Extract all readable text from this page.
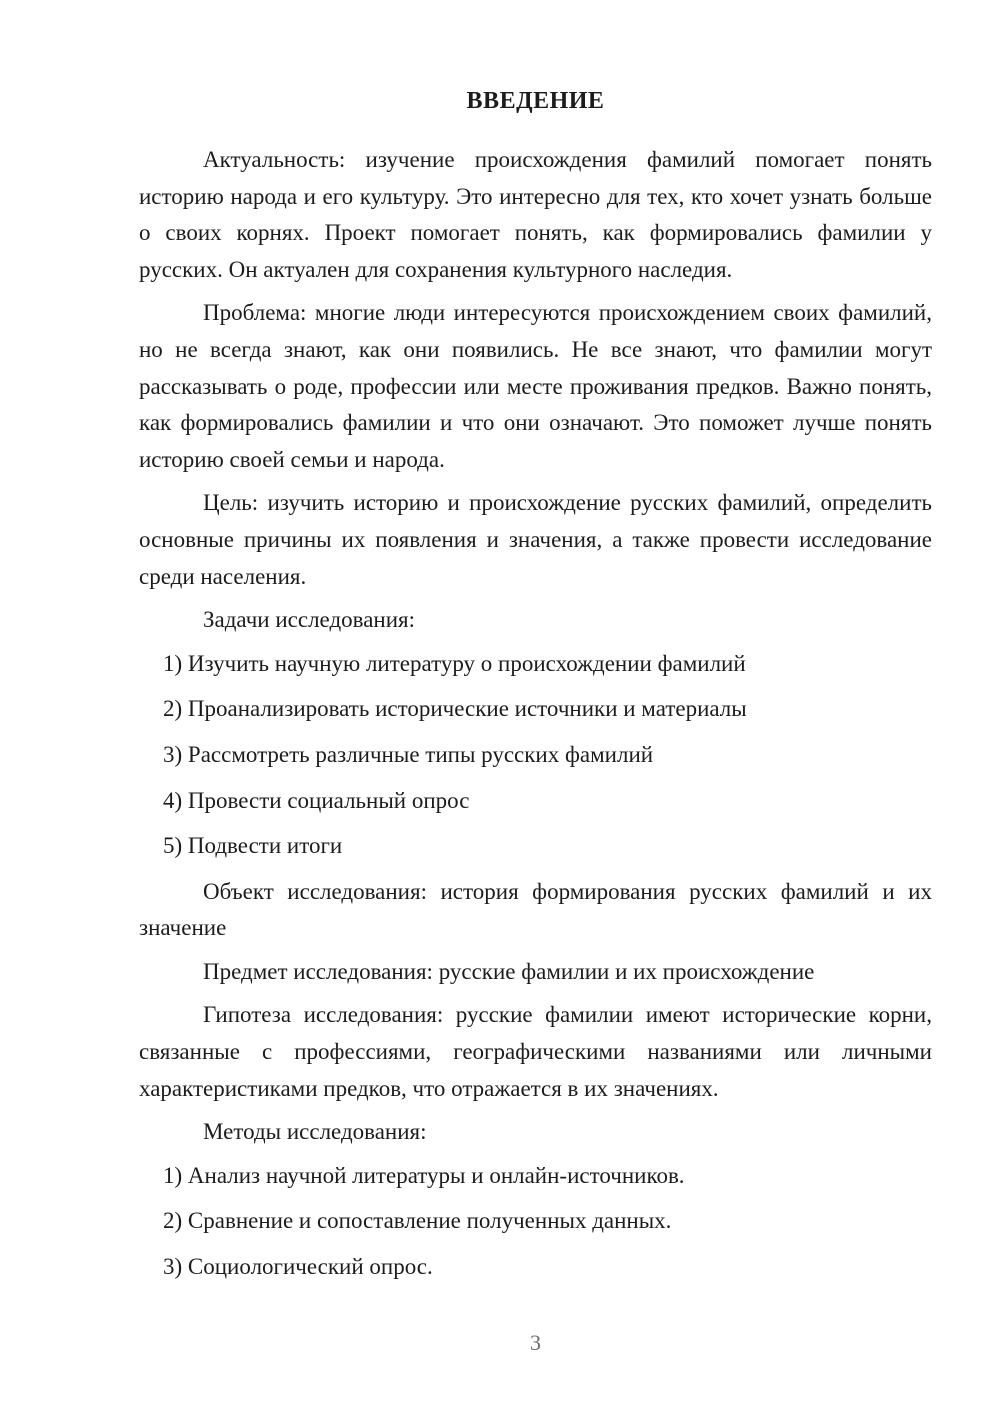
ВВЕДЕНИЕ

Актуальность: изучение происхождения фамилий помогает понять историю народа и его культуру. Это интересно для тех, кто хочет узнать больше о своих корнях. Проект помогает понять, как формировались фамилии у русских. Он актуален для сохранения культурного наследия.

Проблема: многие люди интересуются происхождением своих фамилий, но не всегда знают, как они появились. Не все знают, что фамилии могут рассказывать о роде, профессии или месте проживания предков. Важно понять, как формировались фамилии и что они означают. Это поможет лучше понять историю своей семьи и народа.

Цель: изучить историю и происхождение русских фамилий, определить основные причины их появления и значения, а также провести исследование среди населения.

Задачи исследования:

1) Изучить научную литературу о происхождении фамилий
2) Проанализировать исторические источники и материалы
3) Рассмотреть различные типы русских фамилий
4) Провести социальный опрос
5) Подвести итоги

Объект исследования: история формирования русских фамилий и их значение

Предмет исследования: русские фамилии и их происхождение

Гипотеза исследования: русские фамилии имеют исторические корни, связанные с профессиями, географическими названиями или личными характеристиками предков, что отражается в их значениях.

Методы исследования:

1) Анализ научной литературы и онлайн-источников.
2) Сравнение и сопоставление полученных данных.
3) Социологический опрос.
3
